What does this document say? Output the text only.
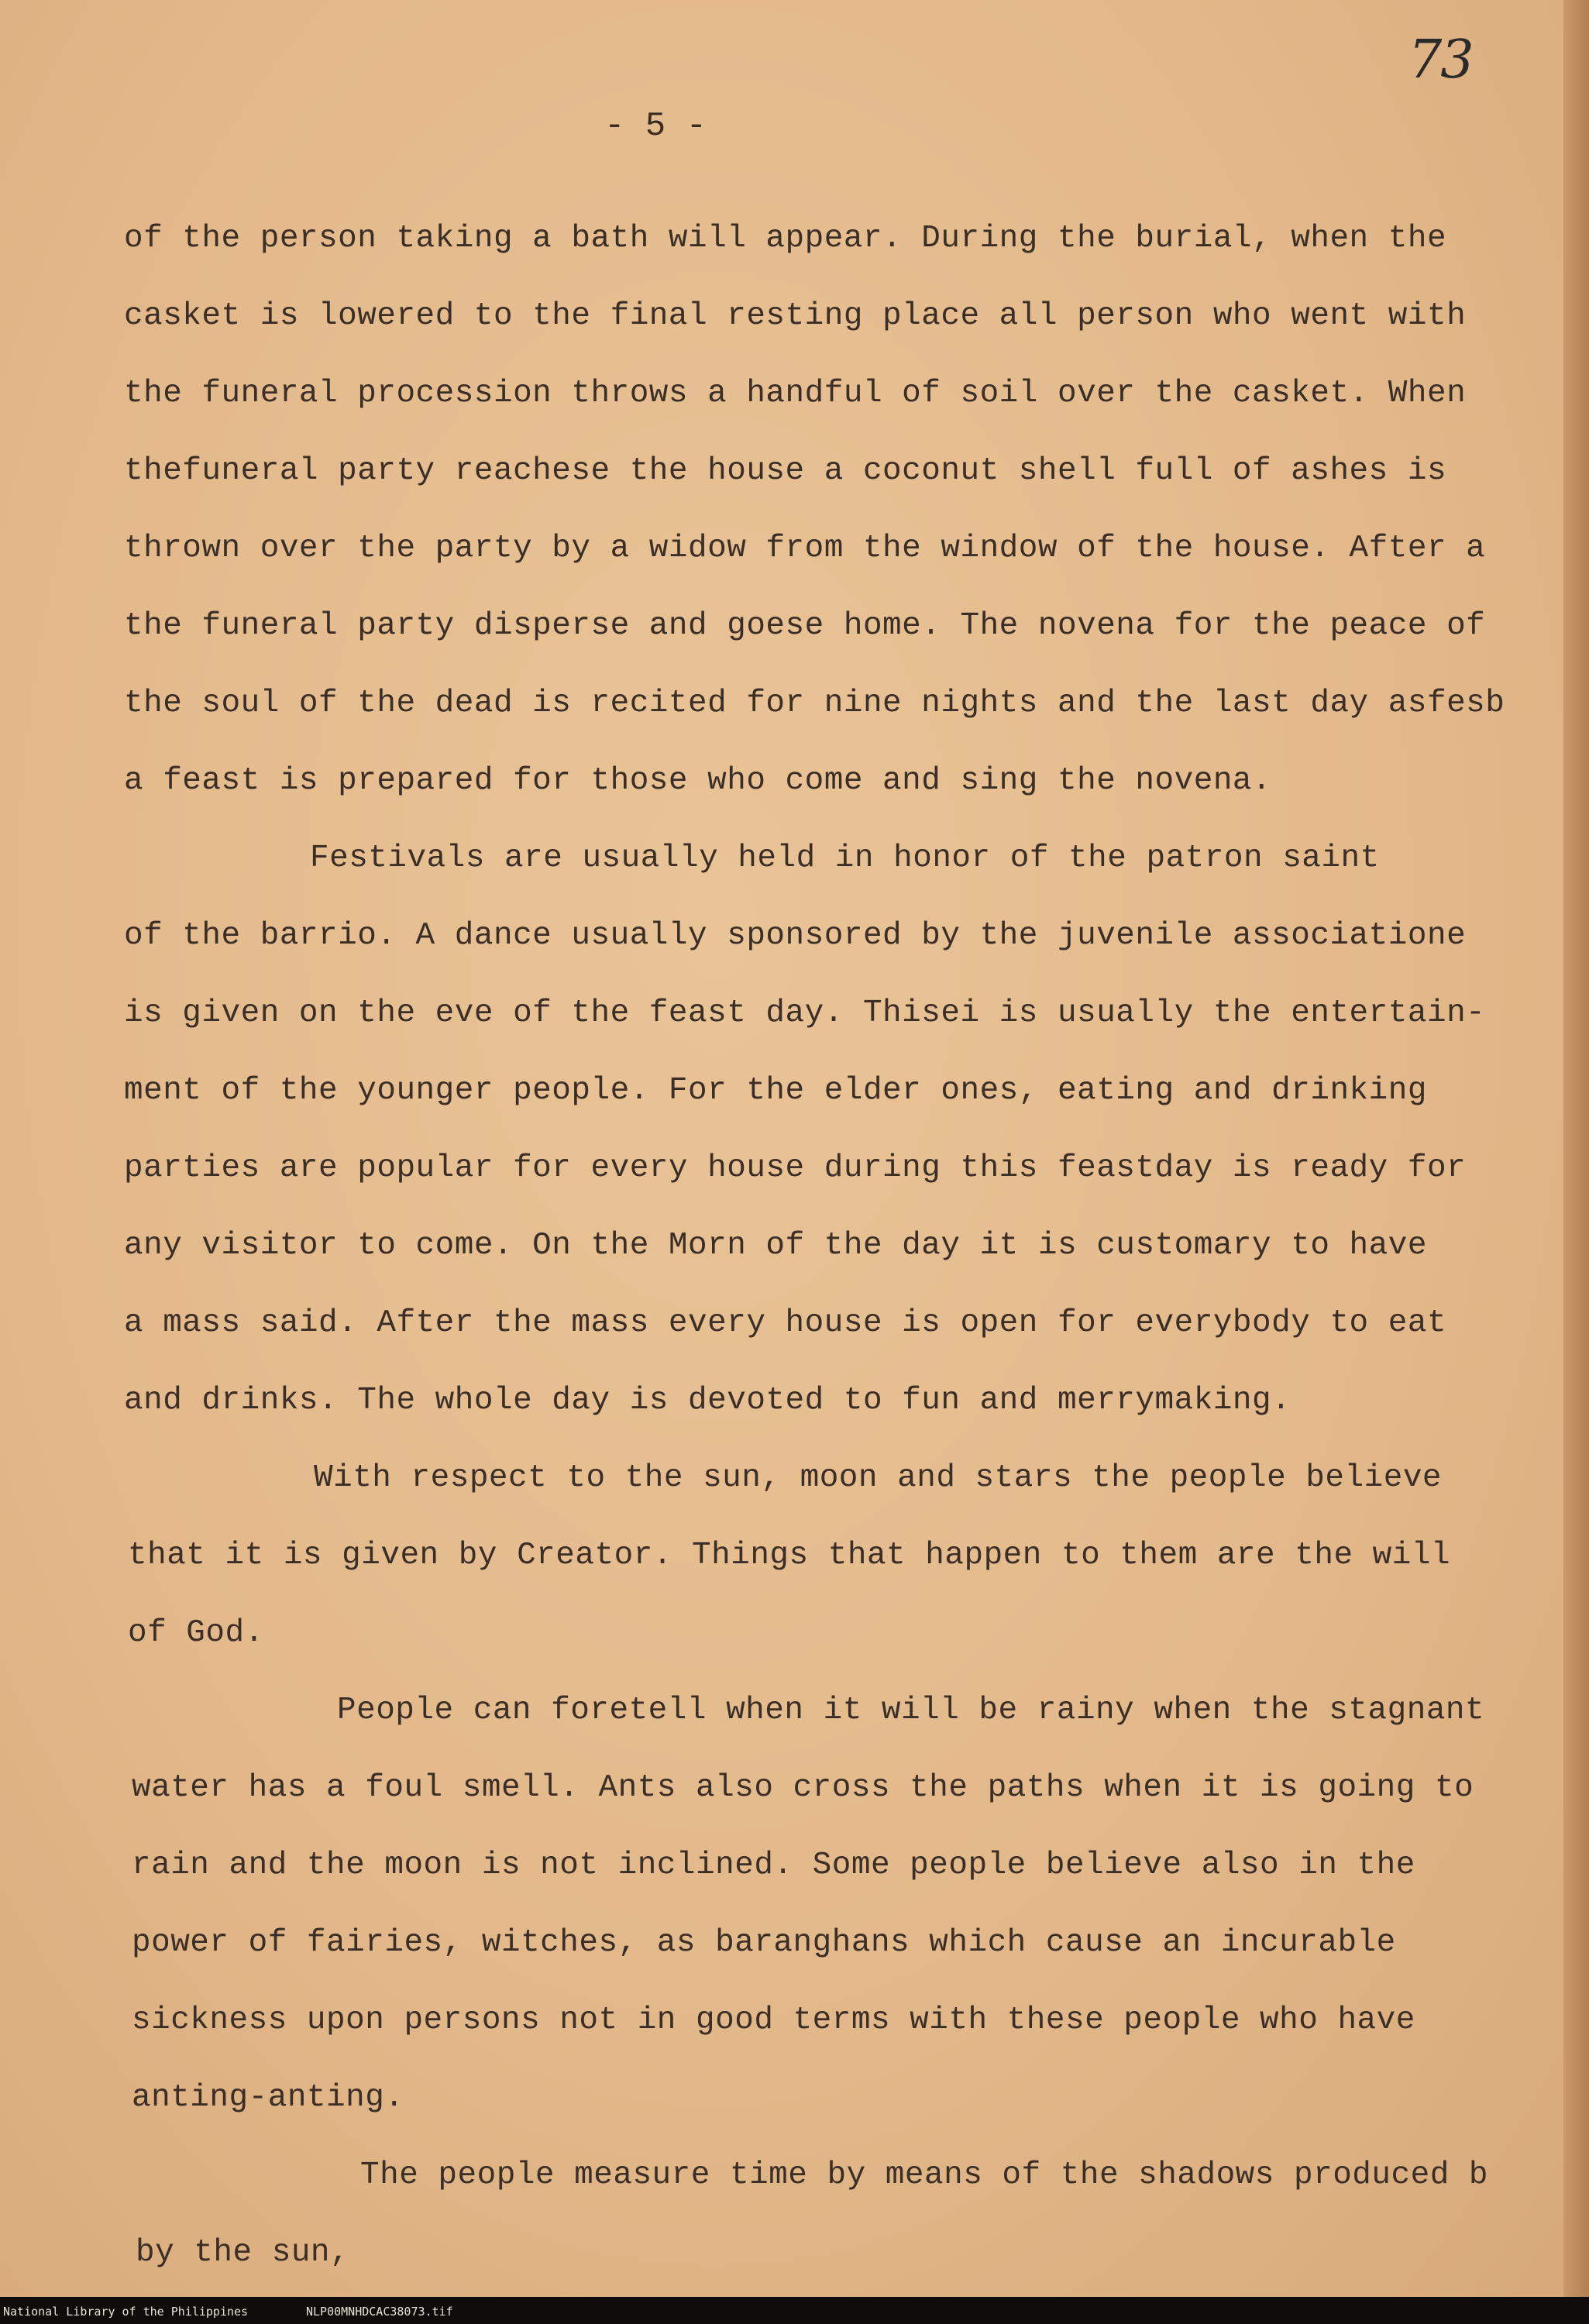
73
- 5 -
of the person taking a bath will appear. During the burial, when the
casket is lowered to the final resting place all person who went with
the funeral procession throws a handful of soil over the casket. When
thefuneral party reachese the house a coconut shell full of ashes is
thrown over the party by a widow from the window of the house. After a
the funeral party disperse and goese home. The novena for the peace of
the soul of the dead is recited for nine nights and the last day asfesb
a feast is prepared for those who come and sing the novena.
Festivals are usually held in honor of the patron saint
of the barrio. A dance usually sponsored by the juvenile associatione
is given on the eve of the feast day. Thisei is usually the entertain-
ment of the younger people. For the elder ones, eating and drinking
parties are popular for every house during this feastday is ready for
any visitor to come. On the Morn of the day it is customary to have
a mass said. After the mass every house is open for everybody to eat
and drinks. The whole day is devoted to fun and merrymaking.
With respect to the sun, moon and stars the people believe
that it is given by Creator. Things that happen to them are the will
of God.
People can foretell when it will be rainy when the stagnant
water has a foul smell. Ants also cross the paths when it is going to
rain and the moon is not inclined. Some people believe also in the
power of fairies, witches, as baranghans which cause an incurable
sickness upon persons not in good terms with these people who have
anting-anting.
The people measure time by means of the shadows produced b
by the sun,
National Library of the Philippines	NLP00MNHDCAC38073.tif
